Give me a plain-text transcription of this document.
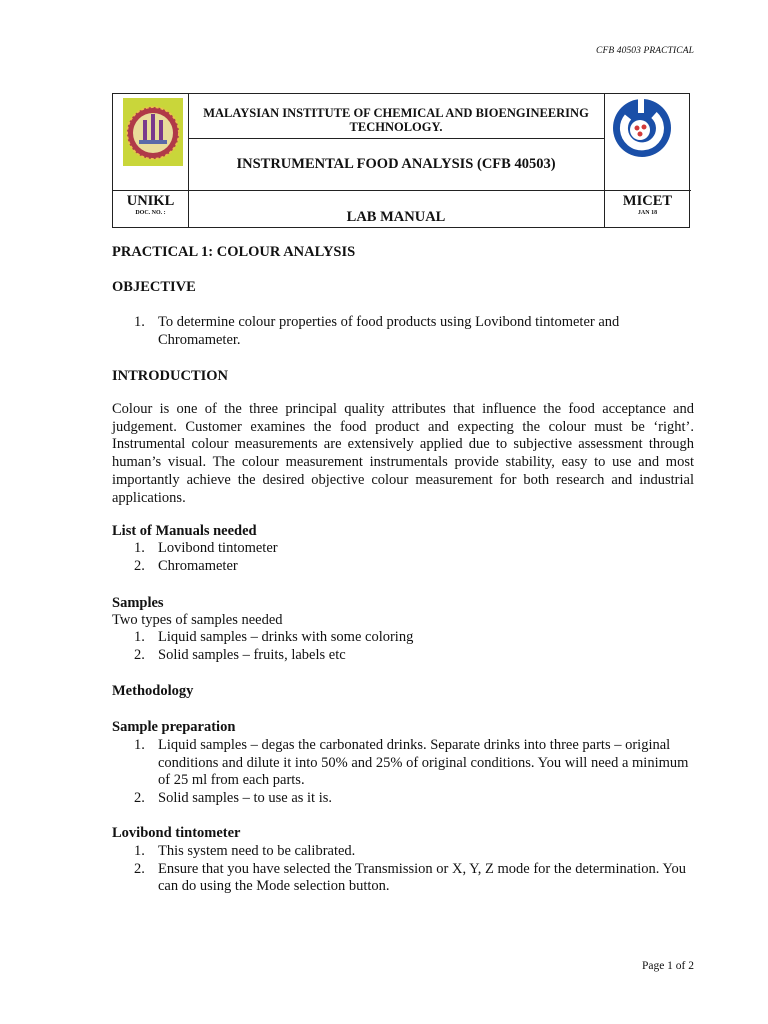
CFB 40503 PRACTICAL
MALAYSIAN INSTITUTE OF CHEMICAL AND BIOENGINEERING
TECHNOLOGY.
INSTRUMENTAL FOOD ANALYSIS (CFB 40503)
UNIKL
DOC. NO. :	LAB MANUAL
MICET
JAN 18
PRACTICAL 1: COLOUR ANALYSIS
OBJECTIVE
1. To determine colour properties of food products using Lovibond tintometer and Chromameter.
INTRODUCTION
Colour is one of the three principal quality attributes that influence the food acceptance and judgement. Customer examines the food product and expecting the colour must be ‘right’. Instrumental colour measurements are extensively applied due to subjective assessment through human’s visual. The colour measurement instrumentals provide stability, easy to use and most importantly achieve the desired objective colour measurement for both research and industrial applications.
List of Manuals needed
1. Lovibond tintometer
2. Chromameter
Samples
Two types of samples needed
1. Liquid samples – drinks with some coloring
2. Solid samples – fruits, labels etc
Methodology
Sample preparation
1. Liquid samples – degas the carbonated drinks. Separate drinks into three parts – original conditions and dilute it into 50% and 25% of original conditions. You will need a minimum of 25 ml from each parts.
2. Solid samples – to use as it is.
Lovibond tintometer
1. This system need to be calibrated.
2. Ensure that you have selected the Transmission or X, Y, Z mode for the determination. You can do using the Mode selection button.
Page 1 of 2
